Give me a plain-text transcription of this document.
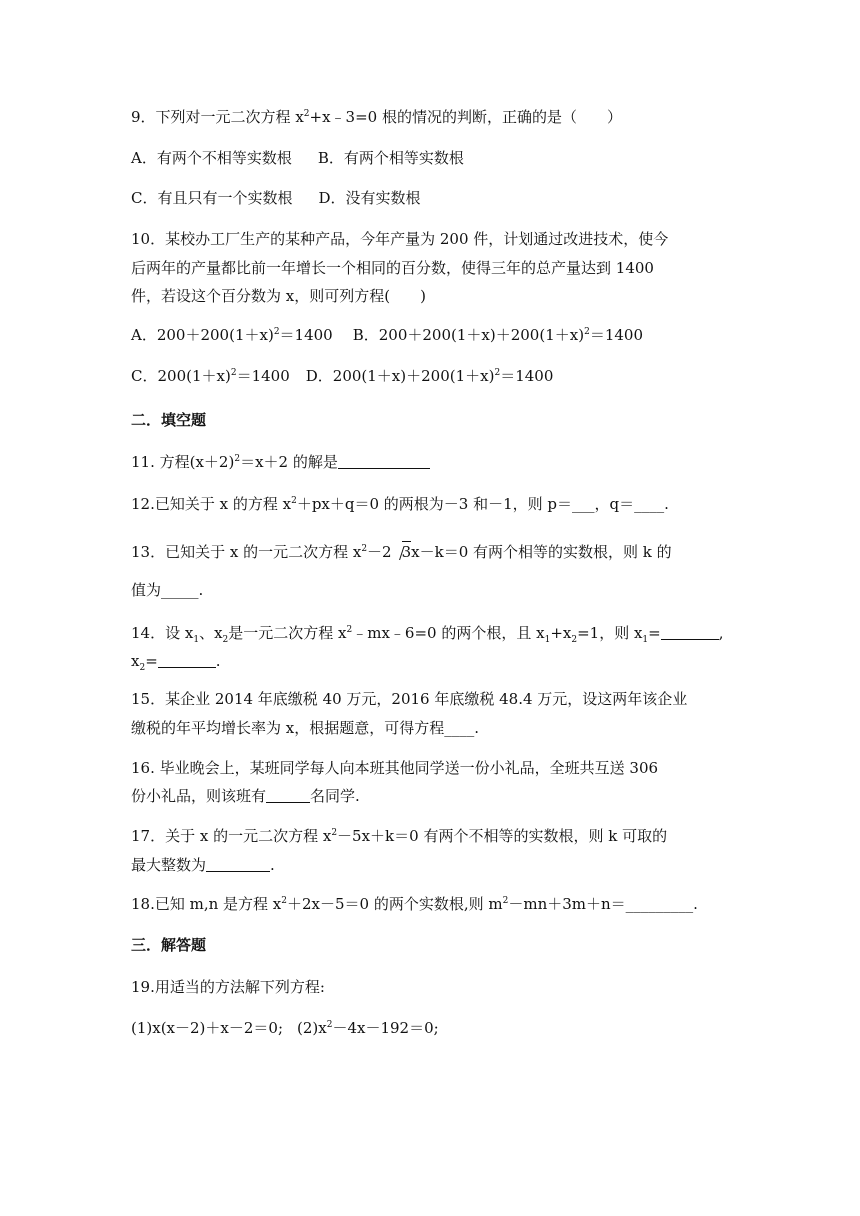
9．下列对一元二次方程 $x^2+x﹣3=0$ 根的情况的判断，正确的是（　　）
A．有两个不相等实数根 B．有两个相等实数根
C．有且只有一个实数根 D．没有实数根
10．某校办工厂生产的某种产品，今年产量为 200 件，计划通过改进技术，使今
后两年的产量都比前一年增长一个相同的百分数，使得三年的总产量达到 1400
件，若设这个百分数为 x，则可列方程(　　)
A．$200+200(1+x)^2=1400$ B．$200+200(1+x)+200(1+x)^2=1400$
C．$200(1+x)^2=1400$ D．$200(1+x)+200(1+x)^2=1400$
二．填空题
11. 方程$(x+2)^2=x+2$ 的解是
12.已知关于 x 的方程 $x^2+px+q=0$ 的两根为－3 和－1，则 p＝___，q＝____.
13．已知关于 x 的一元二次方程 $x^2-2$ 3x－k＝0 有两个相等的实数根，则 k 的
值为_____.
14．设 $x_1$、$x_2$是一元二次方程 $x^2﹣mx﹣6=0$ 的两个根，且 $x_1+x_2=1$，则 $x_1=$	,
$x_2=$	.
15．某企业 2014 年底缴税 40 万元，2016 年底缴税 48.4 万元，设这两年该企业
缴税的年平均增长率为 x，根据题意，可得方程____.
16. 毕业晚会上，某班同学每人向本班其他同学送一份小礼品，全班共互送 306
份小礼品，则该班有	名同学.
17．关于 x 的一元二次方程 $x^2-5x+k=0$ 有两个不相等的实数根，则 k 可取的
最大整数为	.
18.已知 m,n 是方程 $x^2+2x-5=0$ 的两个实数根,则 $m^2-mn+3m+n=\_\_\_\_\_\_\_\_\_$.
三．解答题
19.用适当的方法解下列方程:
(1)x(x－2)＋x－2＝0; $(2)x^2-4x-192=0$;
